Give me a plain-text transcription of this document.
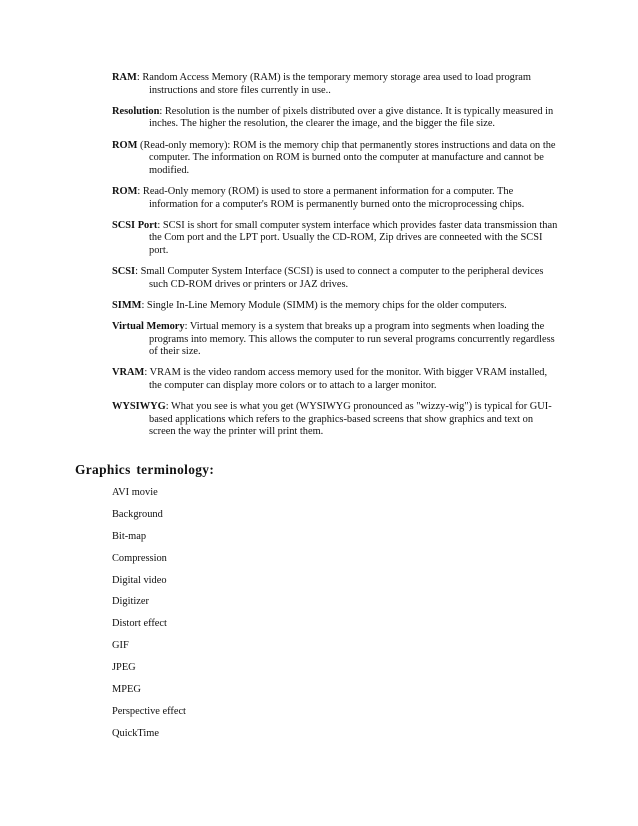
RAM: Random Access Memory (RAM) is the temporary memory storage area used to load program instructions and store files currently in use..

Resolution: Resolution is the number of pixels distributed over a give distance. It is typically measured in inches. The higher the resolution, the clearer the image, and the bigger the file size.

ROM (Read-only memory): ROM is the memory chip that permanently stores instructions and data on the computer. The information on ROM is burned onto the computer at manufacture and cannot be modified.

ROM: Read-Only memory (ROM) is used to store a permanent information for a computer. The information for a computer's ROM is permanently burned onto the microprocessing chips.

SCSI Port: SCSI is short for small computer system interface which provides faster data transmission than the Com port and the LPT port. Usually the CD-ROM, Zip drives are conneeted with the SCSI port.

SCSI: Small Computer System Interface (SCSI) is used to connect a computer to the peripheral devices such CD-ROM drives or printers or JAZ drives.

SIMM: Single In-Line Memory Module (SIMM) is the memory chips for the older computers.

Virtual Memory: Virtual memory is a system that breaks up a program into segments when loading the programs into memory. This allows the computer to run several programs concurrently regardless of their size.

VRAM: VRAM is the video random access memory used for the monitor. With bigger VRAM installed, the computer can display more colors or to attach to a larger monitor.

WYSIWYG: What you see is what you get (WYSIWYG pronounced as "wizzy-wig") is typical for GUI-based applications which refers to the graphics-based screens that show graphics and text on screen the way the printer will print them.

Graphics terminology:
AVI movie
Background
Bit-map
Compression
Digital video
Digitizer
Distort effect
GIF
JPEG
MPEG
Perspective effect
QuickTime
